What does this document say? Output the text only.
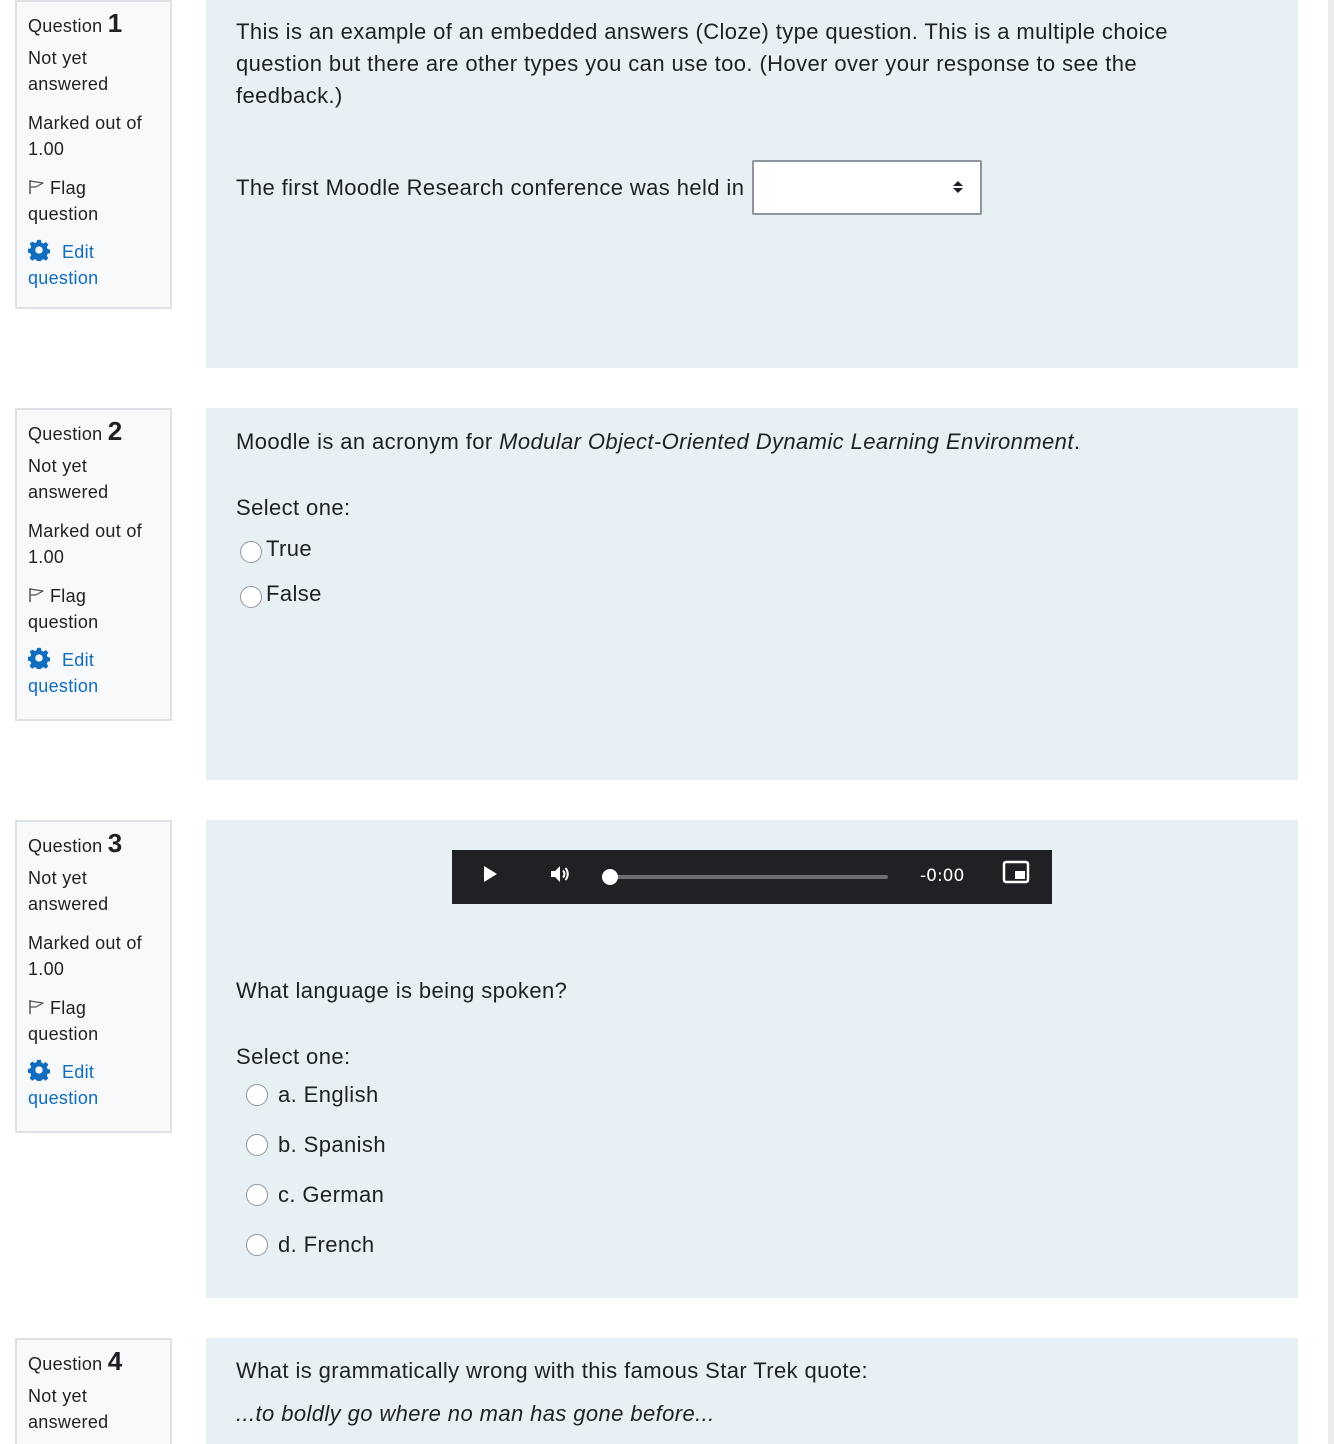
Question 1
Not yet answered
Marked out of 1.00
Flag question
Edit question
This is an example of an embedded answers (Cloze) type question. This is a multiple choice question but there are other types you can use too. (Hover over your response to see the feedback.)
The first Moodle Research conference was held in
Question 2
Not yet answered
Marked out of 1.00
Flag question
Edit question
Moodle is an acronym for Modular Object-Oriented Dynamic Learning Environment.
Select one:
True
False
Question 3
Not yet answered
Marked out of 1.00
Flag question
Edit question
-0:00
What language is being spoken?
Select one:
a. English
b. Spanish
c. German
d. French
Question 4
Not yet answered
What is grammatically wrong with this famous Star Trek quote:
...to boldly go where no man has gone before...
